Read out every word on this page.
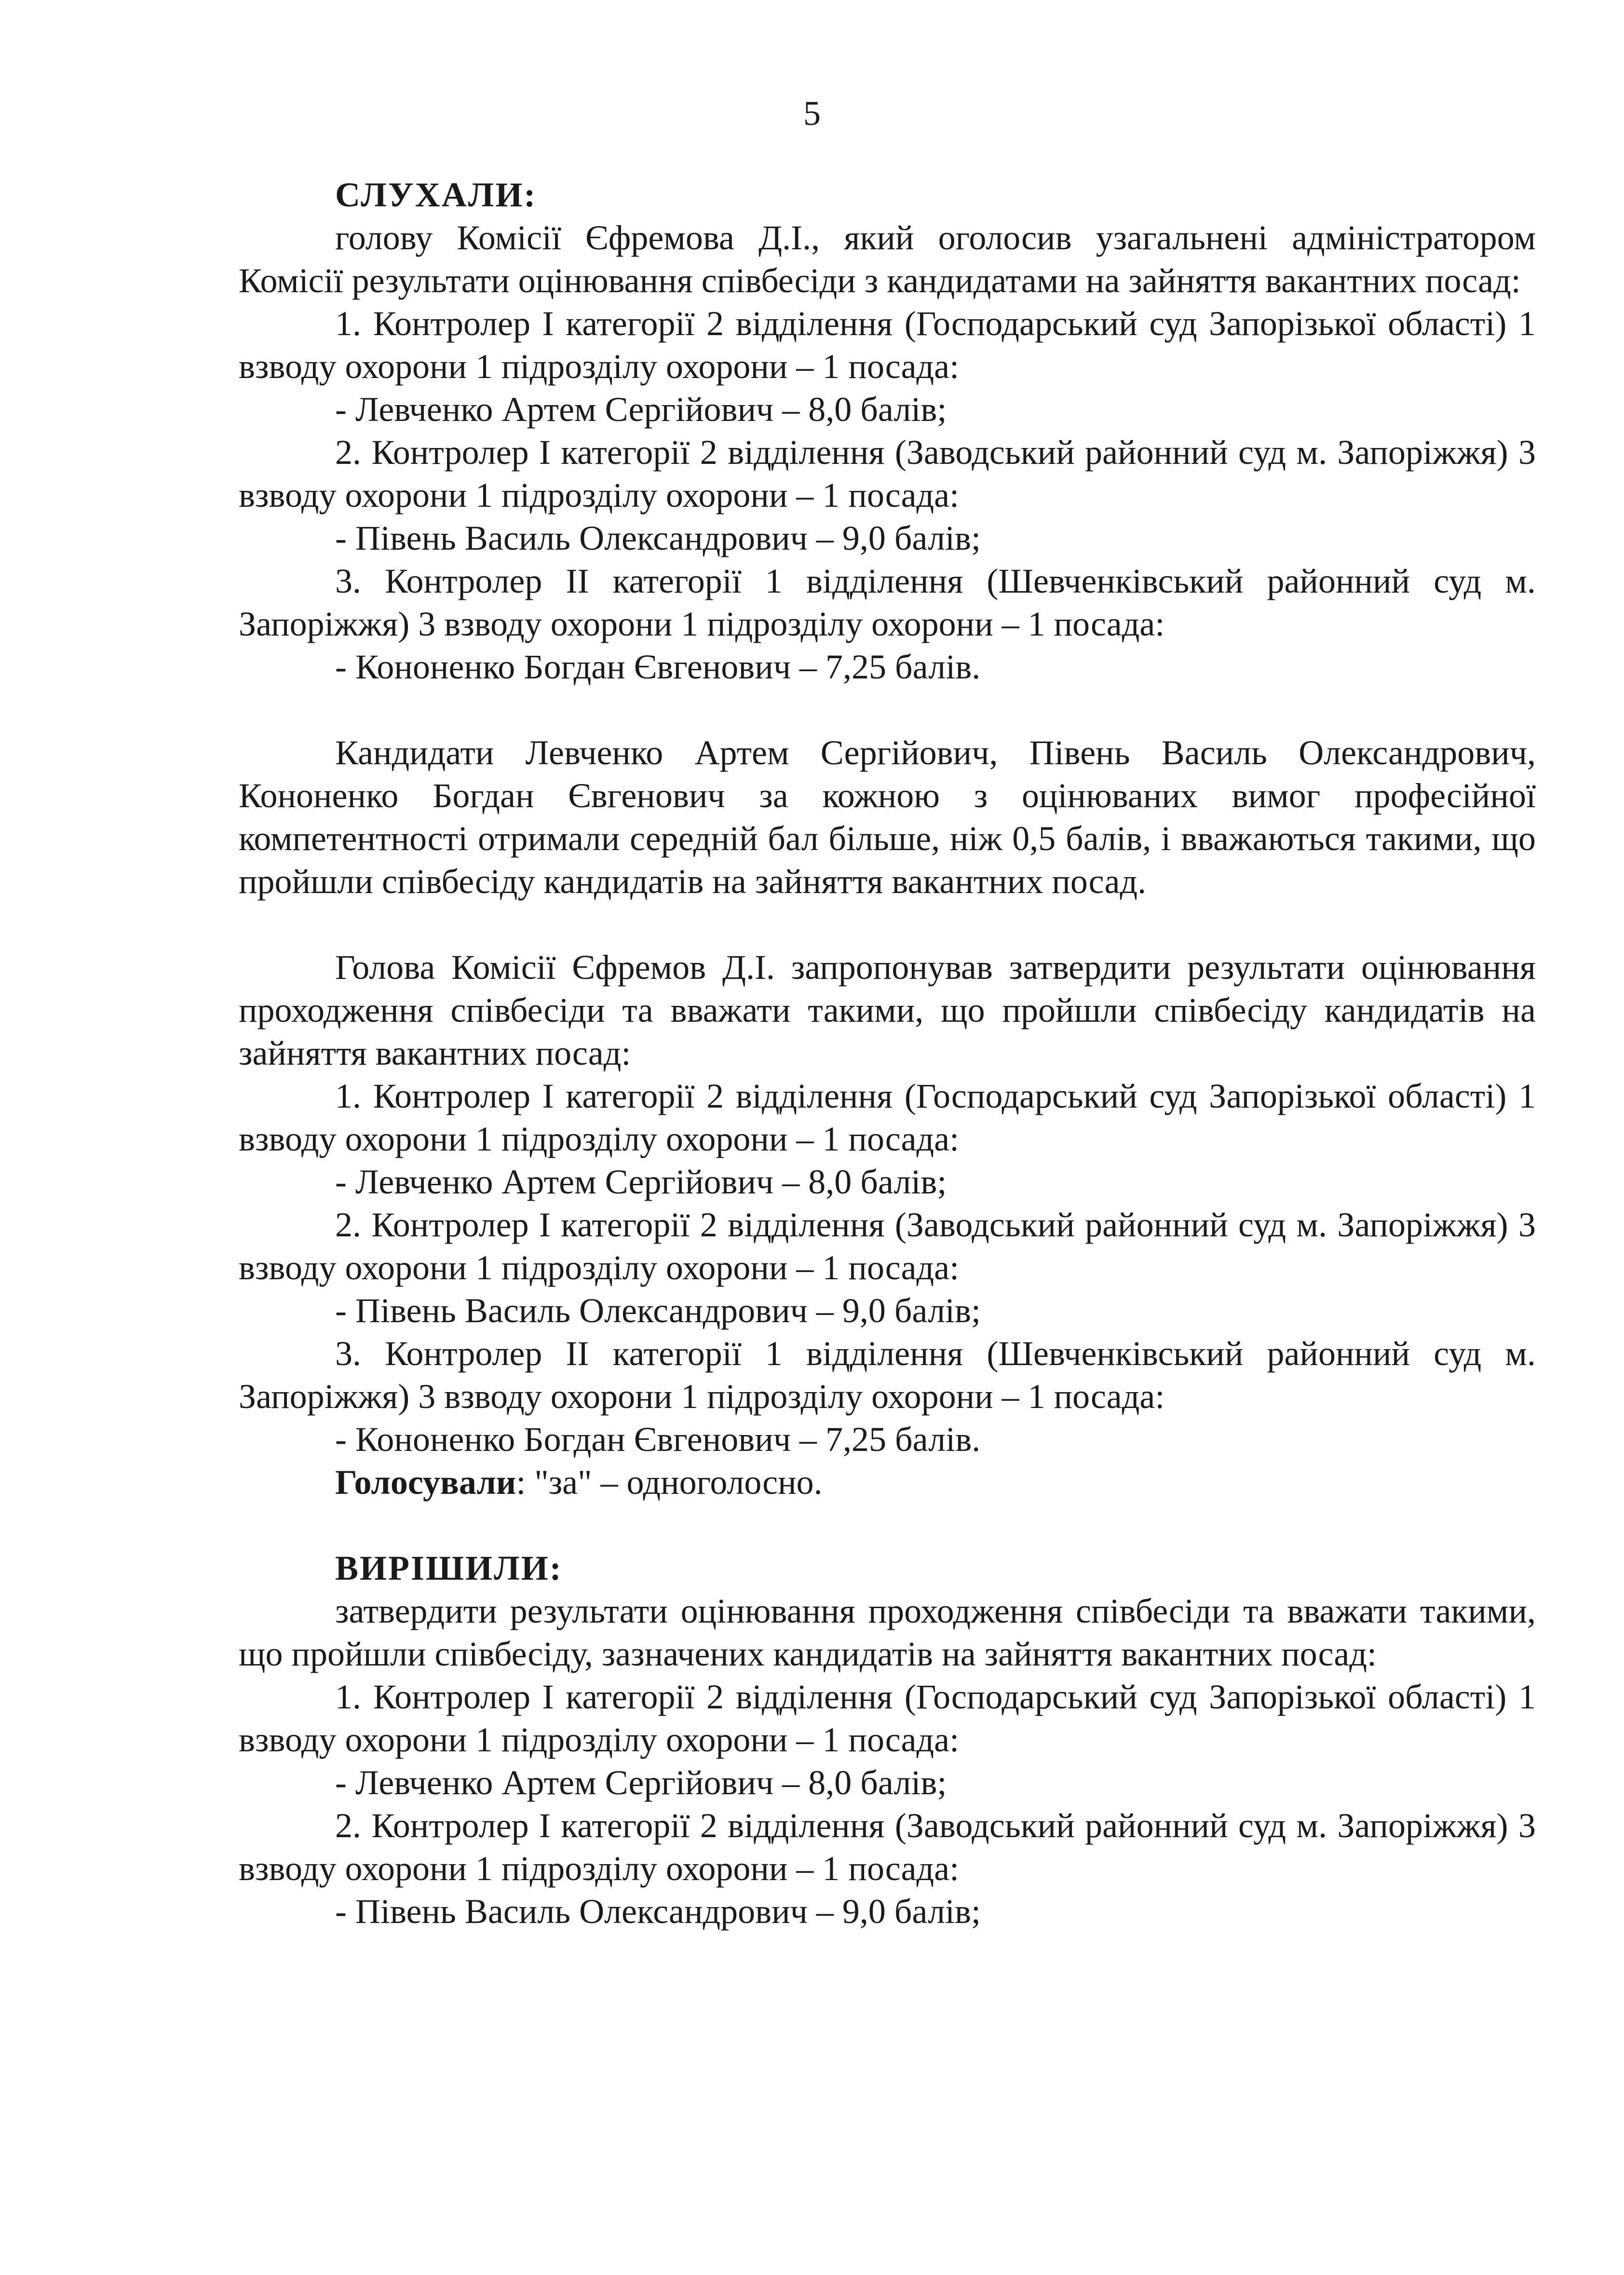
5
СЛУХАЛИ:

голову Комісії Єфремова Д.І., який оголосив узагальнені адміністратором Комісії результати оцінювання співбесіди з кандидатами на зайняття вакантних посад:

1. Контролер І категорії 2 відділення (Господарський суд Запорізької області) 1 взводу охорони 1 підрозділу охорони – 1 посада:

- Левченко Артем Сергійович – 8,0 балів;

2. Контролер І категорії 2 відділення (Заводський районний суд м. Запоріжжя) 3 взводу охорони 1 підрозділу охорони – 1 посада:

- Півень Василь Олександрович – 9,0 балів;

3. Контролер ІІ категорії 1 відділення (Шевченківський районний суд м. Запоріжжя) 3 взводу охорони 1 підрозділу охорони – 1 посада:

- Кононенко Богдан Євгенович – 7,25 балів.

Кандидати Левченко Артем Сергійович, Півень Василь Олександрович, Кононенко Богдан Євгенович за кожною з оцінюваних вимог професійної компетентності отримали середній бал більше, ніж 0,5 балів, і вважаються такими, що пройшли співбесіду кандидатів на зайняття вакантних посад.

Голова Комісії Єфремов Д.І. запропонував затвердити результати оцінювання проходження співбесіди та вважати такими, що пройшли співбесіду кандидатів на зайняття вакантних посад:

1. Контролер І категорії 2 відділення (Господарський суд Запорізької області) 1 взводу охорони 1 підрозділу охорони – 1 посада:

- Левченко Артем Сергійович – 8,0 балів;

2. Контролер І категорії 2 відділення (Заводський районний суд м. Запоріжжя) 3 взводу охорони 1 підрозділу охорони – 1 посада:

- Півень Василь Олександрович – 9,0 балів;

3. Контролер ІІ категорії 1 відділення (Шевченківський районний суд м. Запоріжжя) 3 взводу охорони 1 підрозділу охорони – 1 посада:

- Кононенко Богдан Євгенович – 7,25 балів.

Голосували: "за" – одноголосно.

ВИРІШИЛИ:

затвердити результати оцінювання проходження співбесіди та вважати такими, що пройшли співбесіду, зазначених кандидатів на зайняття вакантних посад:

1. Контролер І категорії 2 відділення (Господарський суд Запорізької області) 1 взводу охорони 1 підрозділу охорони – 1 посада:

- Левченко Артем Сергійович – 8,0 балів;

2. Контролер І категорії 2 відділення (Заводський районний суд м. Запоріжжя) 3 взводу охорони 1 підрозділу охорони – 1 посада:

- Півень Василь Олександрович – 9,0 балів;
